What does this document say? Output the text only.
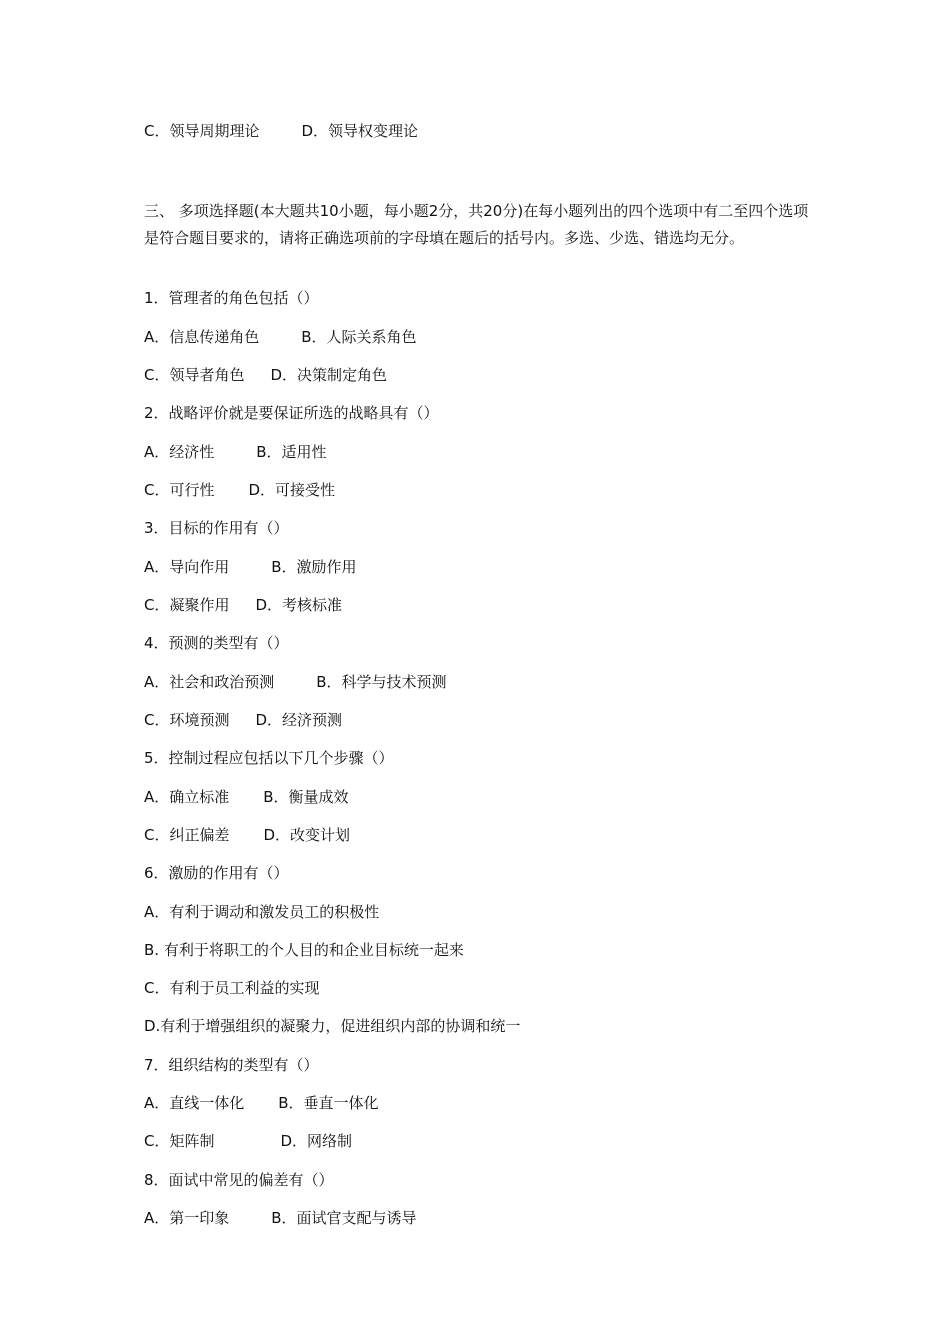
C．领导周期理论	D．领导权变理论
三、 多项选择题(本大题共10小题，每小题2分，共20分)在每小题列出的四个选项中有二至四个选项是符合题目要求的，请将正确选项前的字母填在题后的括号内。多选、少选、错选均无分。
1．管理者的角色包括（）
A．信息传递角色	B．人际关系角色
C．领导者角色 D．决策制定角色
2．战略评价就是要保证所选的战略具有（）
A．经济性	B．适用性
C．可行性 D．可接受性
3．目标的作用有（）
A．导向作用	B．激励作用
C．凝聚作用 D．考核标准
4．预测的类型有（）
A．社会和政治预测	B．科学与技术预测
C．环境预测 D．经济预测
5．控制过程应包括以下几个步骤（）
A．确立标准 B．衡量成效
C．纠正偏差 D．改变计划
6．激励的作用有（）
A．有利于调动和激发员工的积极性
B. 有利于将职工的个人目的和企业目标统一起来
C．有利于员工利益的实现
D.有利于增强组织的凝聚力，促进组织内部的协调和统一
7．组织结构的类型有（）
A．直线一体化 B．垂直一体化
C．矩阵制	D．网络制
8．面试中常见的偏差有（）
A．第一印象	B．面试官支配与诱导
